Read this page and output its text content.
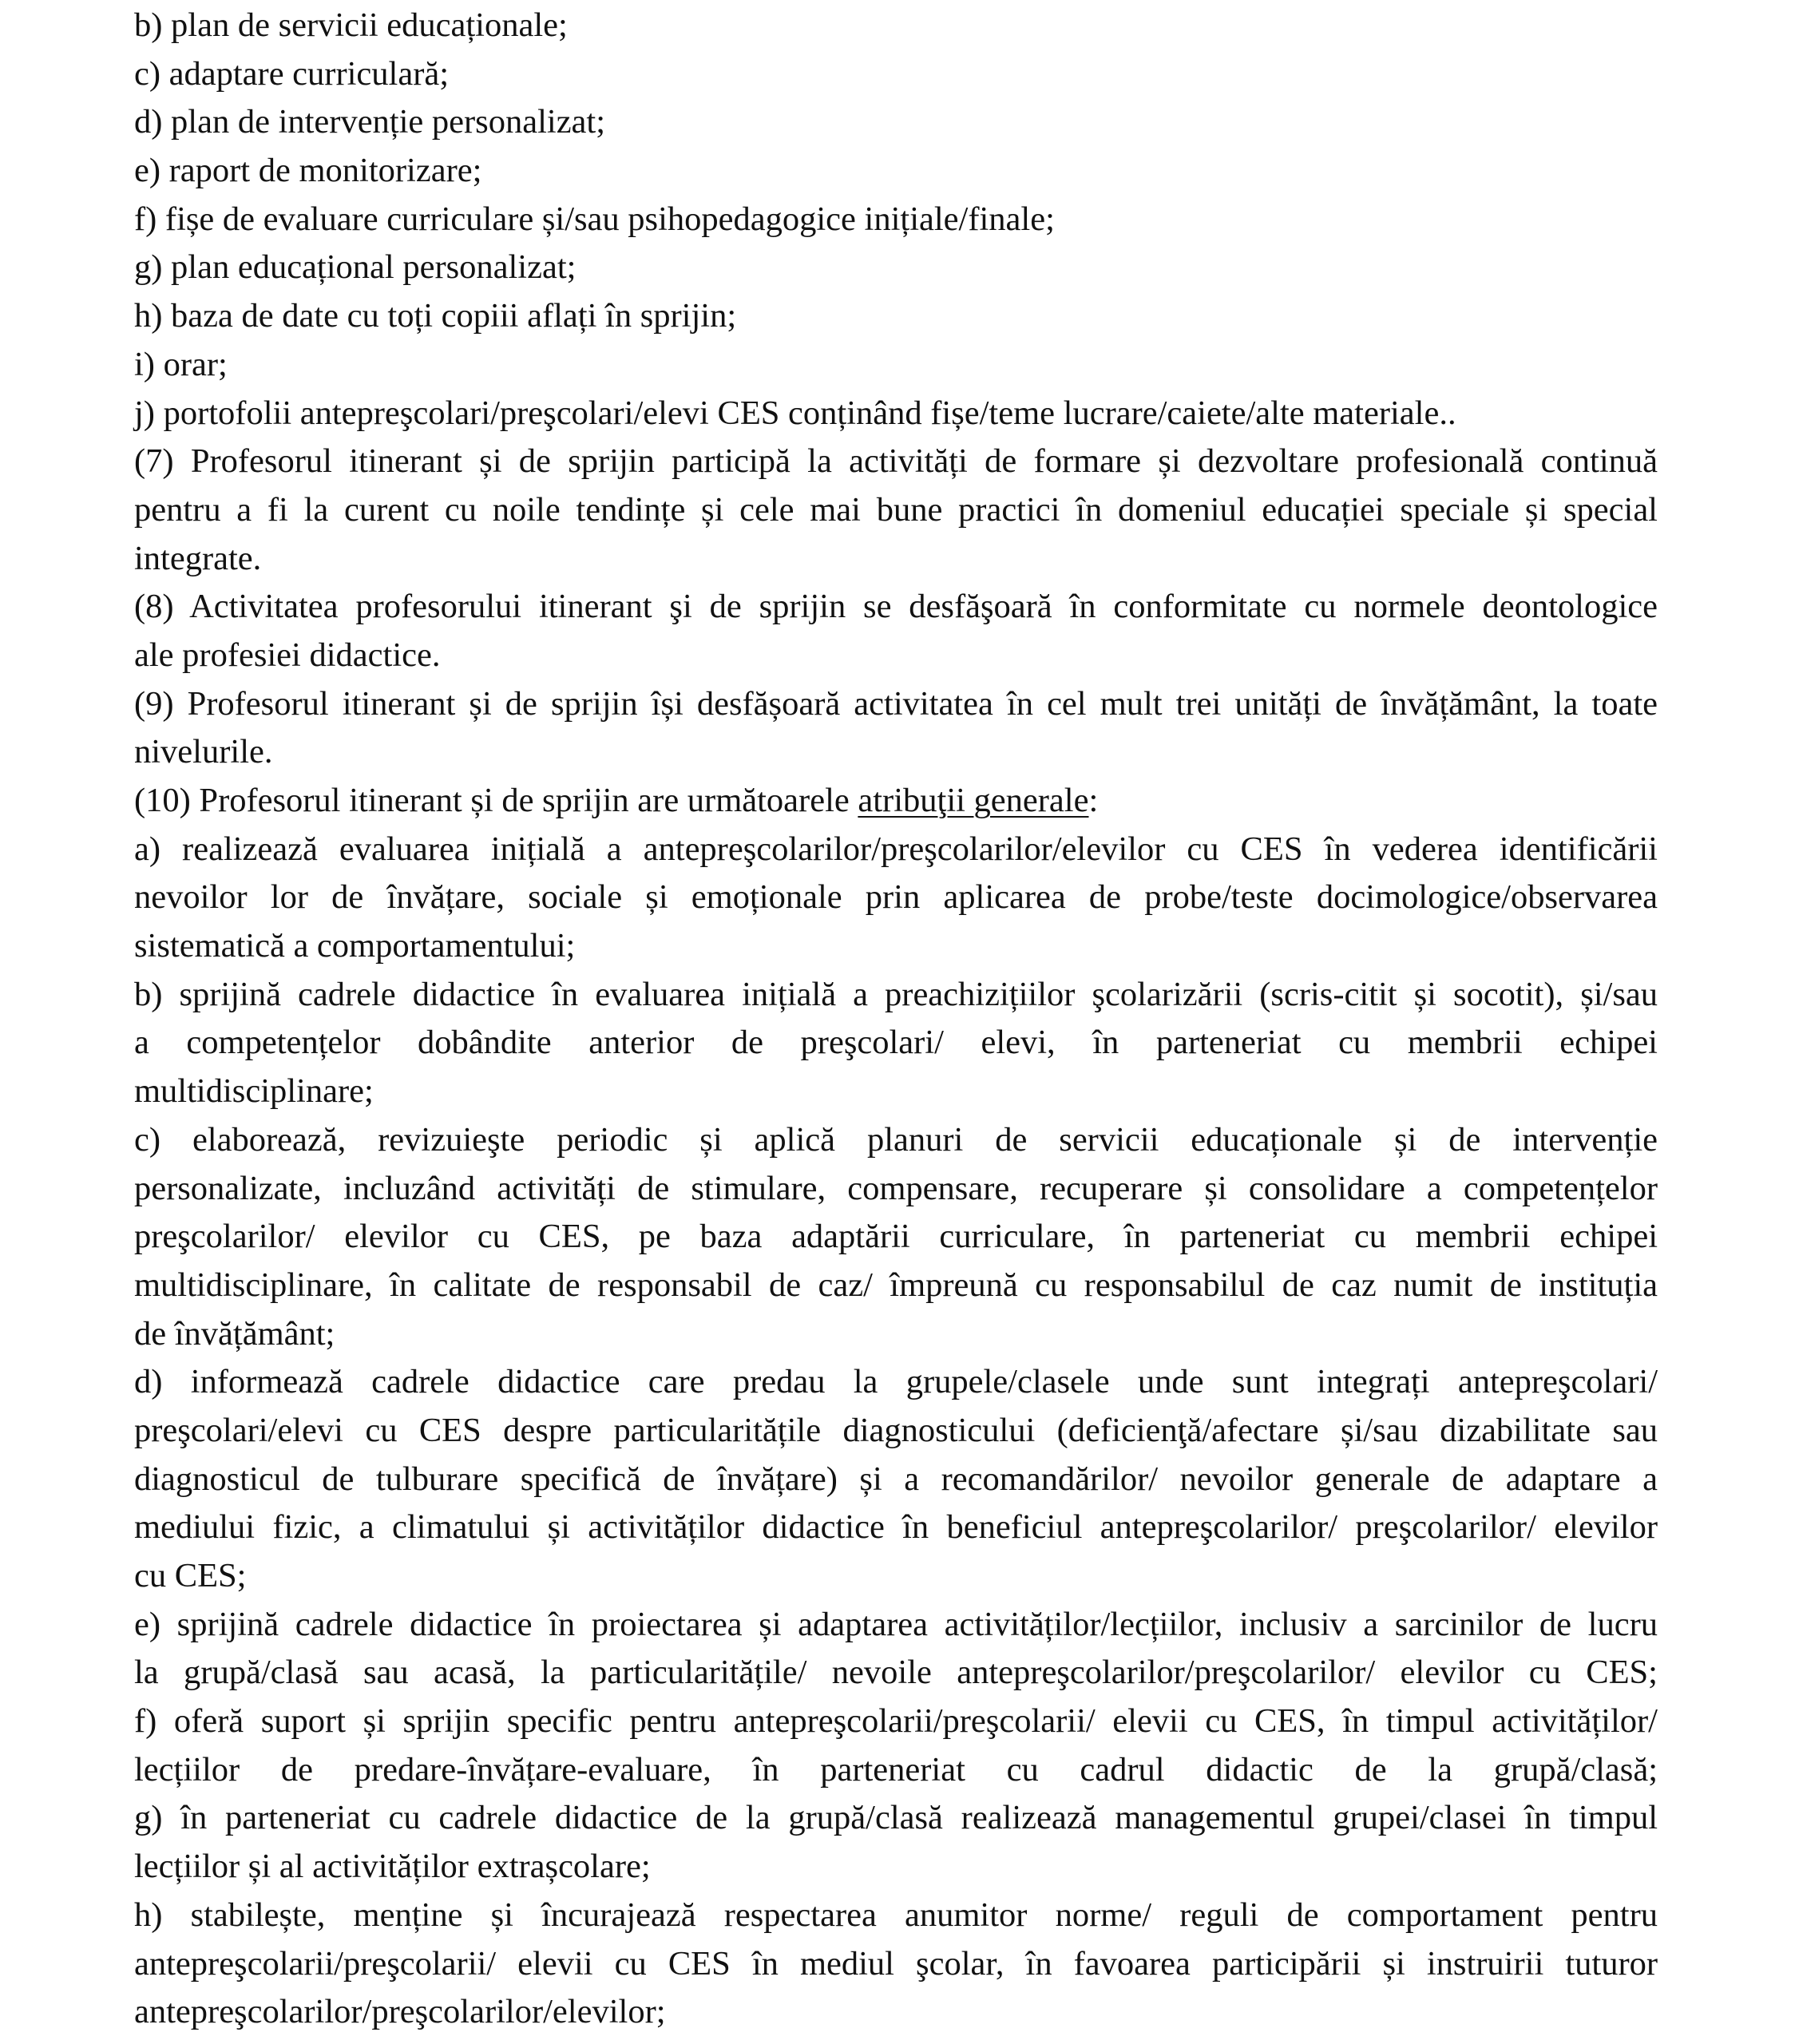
b) plan de servicii educaționale;
c) adaptare curriculară;
d) plan de intervenție personalizat;
e) raport de monitorizare;
f) fișe de evaluare curriculare și/sau psihopedagogice inițiale/finale;
g) plan educațional personalizat;
h) baza de date cu toți copiii aflați în sprijin;
i) orar;
j) portofolii antepreşcolari/preşcolari/elevi CES conținând fișe/teme lucrare/caiete/alte materiale..
(7) Profesorul itinerant și de sprijin participă la activități de formare și dezvoltare profesională continuă
pentru a fi la curent cu noile tendințe și cele mai bune practici în domeniul educației speciale și special
integrate.
(8) Activitatea profesorului itinerant şi de sprijin se desfăşoară în conformitate cu normele deontologice
ale profesiei didactice.
(9) Profesorul itinerant și de sprijin își desfășoară activitatea în cel mult trei unități de învățământ, la toate
nivelurile.
(10) Profesorul itinerant și de sprijin are următoarele atribuţii generale:
a) realizează evaluarea inițială a antepreşcolarilor/preşcolarilor/elevilor cu CES în vederea identificării
nevoilor lor de învățare, sociale și emoționale prin aplicarea de probe/teste docimologice/observarea
sistematică a comportamentului;
b) sprijină cadrele didactice în evaluarea inițială a preachizițiilor şcolarizării (scris-citit și socotit), și/sau
a competențelor dobândite anterior de preşcolari/ elevi, în parteneriat cu membrii echipei
multidisciplinare;
c) elaborează, revizuieşte periodic și aplică planuri de servicii educaționale și de intervenție
personalizate, incluzând activități de stimulare, compensare, recuperare și consolidare a competențelor
preşcolarilor/ elevilor cu CES, pe baza adaptării curriculare, în parteneriat cu membrii echipei
multidisciplinare, în calitate de responsabil de caz/ împreună cu responsabilul de caz numit de instituția
de învățământ;
d) informează cadrele didactice care predau la grupele/clasele unde sunt integrați antepreşcolari/
preşcolari/elevi cu CES despre particularitățile diagnosticului (deficienţă/afectare și/sau dizabilitate sau
diagnosticul de tulburare specifică de învățare) și a recomandărilor/ nevoilor generale de adaptare a
mediului fizic, a climatului și activităților didactice în beneficiul antepreşcolarilor/ preşcolarilor/ elevilor
cu CES;
e) sprijină cadrele didactice în proiectarea și adaptarea activităților/lecțiilor, inclusiv a sarcinilor de lucru
la grupă/clasă sau acasă, la particularitățile/ nevoile antepreşcolarilor/preşcolarilor/ elevilor cu CES;
f) oferă suport și sprijin specific pentru antepreşcolarii/preşcolarii/ elevii cu CES, în timpul activităților/
lecțiilor de predare-învățare-evaluare, în parteneriat cu cadrul didactic de la grupă/clasă;
g) în parteneriat cu cadrele didactice de la grupă/clasă realizează managementul grupei/clasei în timpul
lecțiilor și al activităților extrașcolare;
h) stabilește, menține și încurajează respectarea anumitor norme/ reguli de comportament pentru
antepreşcolarii/preşcolarii/ elevii cu CES în mediul şcolar, în favoarea participării și instruirii tuturor
antepreşcolarilor/preşcolarilor/elevilor;
